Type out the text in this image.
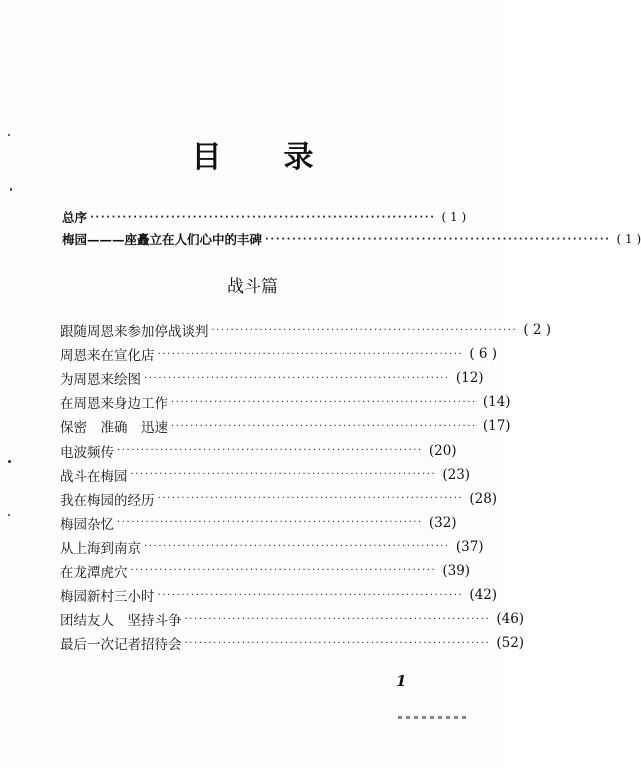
目 录
总序 ································································ ( 1 )
梅园———座矗立在人们心中的丰碑 ································································ ( 1 )
战斗篇
跟随周恩来参加停战谈判 ································································ ( 2 )
周恩来在宣化店 ································································ ( 6 )
为周恩来绘图 ································································ (12)
在周恩来身边工作 ································································ (14)
保密　准确　迅速 ································································ (17)
电波频传 ································································ (20)
战斗在梅园 ································································ (23)
我在梅园的经历 ································································ (28)
梅园杂忆 ································································ (32)
从上海到南京 ································································ (37)
在龙潭虎穴 ································································ (39)
梅园新村三小时 ································································ (42)
团结友人　坚持斗争 ································································ (46)
最后一次记者招待会 ································································ (52)
1
